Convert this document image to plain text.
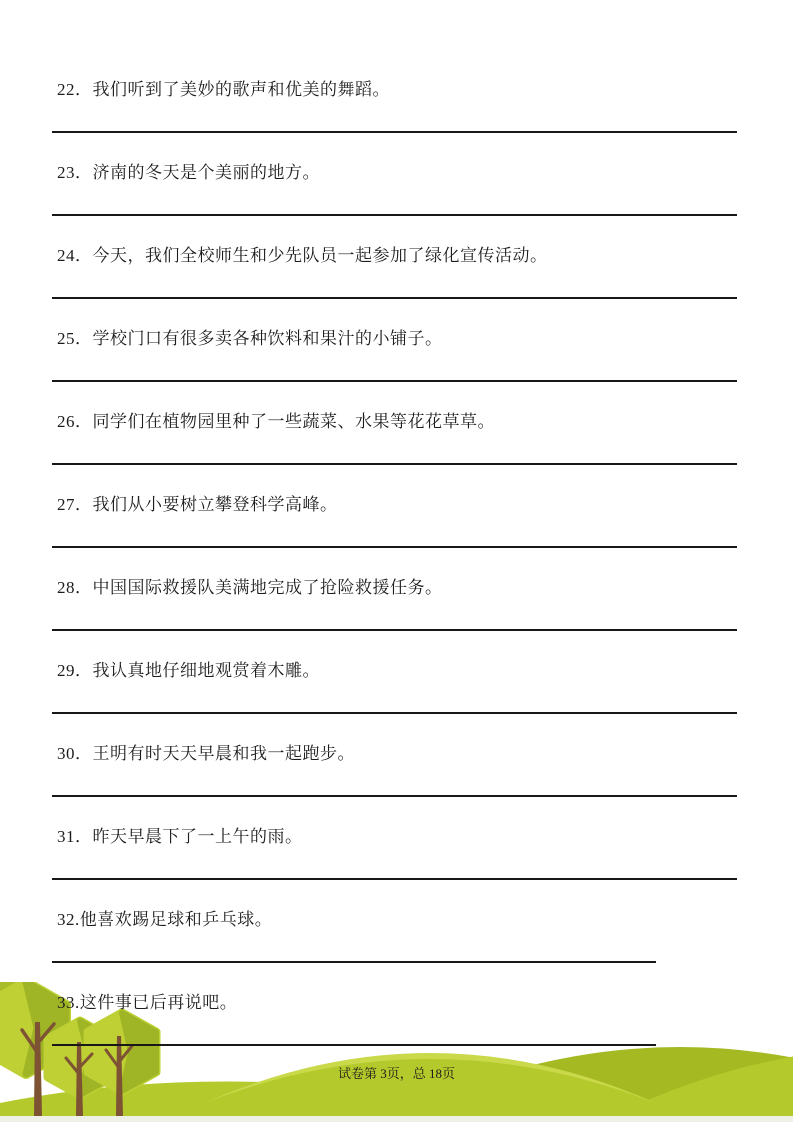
22．我们听到了美妙的歌声和优美的舞蹈。

23．济南的冬天是个美丽的地方。

24．今天，我们全校师生和少先队员一起参加了绿化宣传活动。

25．学校门口有很多卖各种饮料和果汁的小铺子。

26．同学们在植物园里种了一些蔬菜、水果等花花草草。

27．我们从小要树立攀登科学高峰。

28．中国国际救援队美满地完成了抢险救援任务。

29．我认真地仔细地观赏着木雕。

30．王明有时天天早晨和我一起跑步。

31．昨天早晨下了一上午的雨。

32.他喜欢踢足球和乒乓球。

33.这件事已后再说吧。

试卷第 3页，总 18页
